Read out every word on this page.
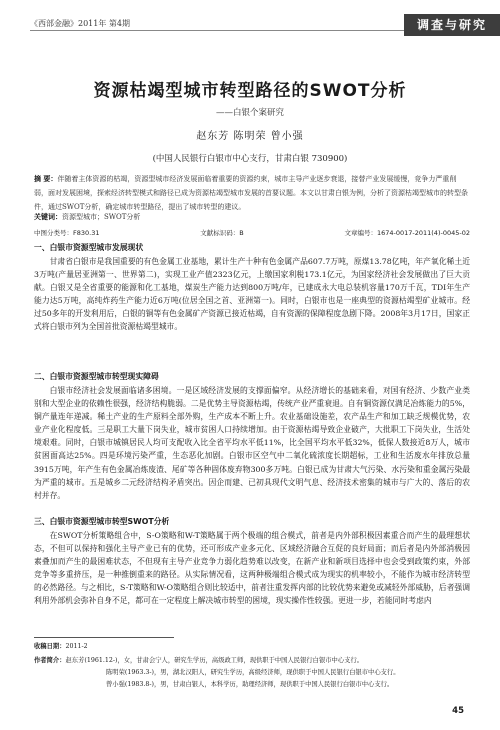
《西部金融》2011年 第4期	调查与研究
资源枯竭型城市转型路径的SWOT分析
——白银个案研究
赵东芳 陈明荣 曾小强
(中国人民银行白银市中心支行，甘肃白银 730900)
摘 要：伴随着主体资源的枯竭，资源型城市经济发展面临着重要的资源约束，城市主导产业逐步衰退，接替产业发展缓慢，竞争力严重削弱，面对发展困境，探索经济转型模式和路径已成为资源枯竭型城市发展的首要议题。本文以甘肃白银为例，分析了资源枯竭型城市的转型条件，通过SWOT分析，确定城市转型路径，提出了城市转型的建议。
关键词：资源型城市；SWOT分析
中图分类号：F830.31	文献标识码：B	文章编号：1674-0017-2011(4)-0045-02
一、白银市资源型城市发展现状
甘肃省白银市是我国重要的有色金属工业基地，累计生产十种有色金属产品607.7万吨，原煤13.78亿吨，年产氧化稀土近3万吨(产量居亚洲第一、世界第二)，实现工业产值2323亿元，上缴国家利税173.1亿元，为国家经济社会发展做出了巨大贡献。白银又是全省重要的能源和化工基地，煤炭生产能力达到800万吨/年，已建成永大电总装机容量170万千瓦，TDI年生产能力达5万吨，高纯炸药生产能力近6万吨(位居全国之首、亚洲第一)。同时，白银市也是一座典型的资源枯竭型矿业城市。经过50多年的开发利用后，白银的铜等有色金属矿产资源已接近枯竭，自有资源的保障程度急剧下降。2008年3月17日，国家正式将白银市列为全国首批资源枯竭型城市。
二、白银市资源型城市转型现实障碍
白银市经济社会发展面临诸多困境。一是区域经济发展的支撑面偏窄。从经济增长的基础来看，对国有经济、少数产业类别和大型企业的依赖性很强，经济结构脆弱。二是优势主导资源枯竭，传统产业严重衰退。自有铜资源仅满足冶炼能力的5%，铜产量连年递减。稀土产业的生产原料全部外购，生产成本不断上升。农业基础设施差，农产品生产和加工缺乏规模优势，农业产业化程度低。三是职工大量下岗失业，城市贫困人口持续增加。由于资源枯竭导致企业破产，大批职工下岗失业，生活处境艰难。同时，白银市城镇居民人均可支配收入比全省平均水平低11%，比全国平均水平低32%，低保人数接近8万人，城市贫困面高达25%。四是环境污染严重，生态恶化加剧。白银市区空气中二氧化硫浓度长期超标，工业和生活废水年排放总量3915万吨，年产生有色金属冶炼废渣、尾矿等各种固体废弃物300多万吨。白银已成为甘肃大气污染、水污染和重金属污染最为严重的城市。五是城乡二元经济结构矛盾突出。因企而建、已初具现代文明气息、经济技术密集的城市与广大的、落后的农村并存。
三、白银市资源型城市转型SWOT分析
在SWOT分析策略组合中，S-O策略和W-T策略属于两个极端的组合模式，前者是内外部积极因素重合而产生的最理想状态，不但可以保持和强化主导产业已有的优势，还可形成产业多元化、区域经济融合互促的良好局面；而后者是内外部消极因素叠加而产生的最困难状态，不但现有主导产业竞争力弱化趋势难以改变，在新产业和新项目选择中也会受到政策约束，外部竞争等多重挤压，是一种推倒重来的路径。从实际情况看，这两种极端组合模式成为现实的机率较小，不能作为城市经济转型的必然路径。与之相比，S-T策略和W-O策略组合则比较适中，前者注重发挥内部的比较优势来避免或减轻外部威胁，后者强调利用外部机会弥补自身不足，都可在一定程度上解决城市转型的困境，现实操作性较强。更进一步，若能同时考虑内
收稿日期：2011-2
作者简介：赵东芳(1961.12-)，女，甘肃会宁人，研究生学历，高级政工师，现供职于中国人民银行白银市中心支行。
陈明荣(1963.3-)，男，湖北汉阳人，研究生学历，高级经济师，现供职于中国人民银行白银市中心支行。
曾小强(1983.8-)，男，甘肃白银人，本科学历，助理经济师，现供职于中国人民银行白银市中心支行。
45
